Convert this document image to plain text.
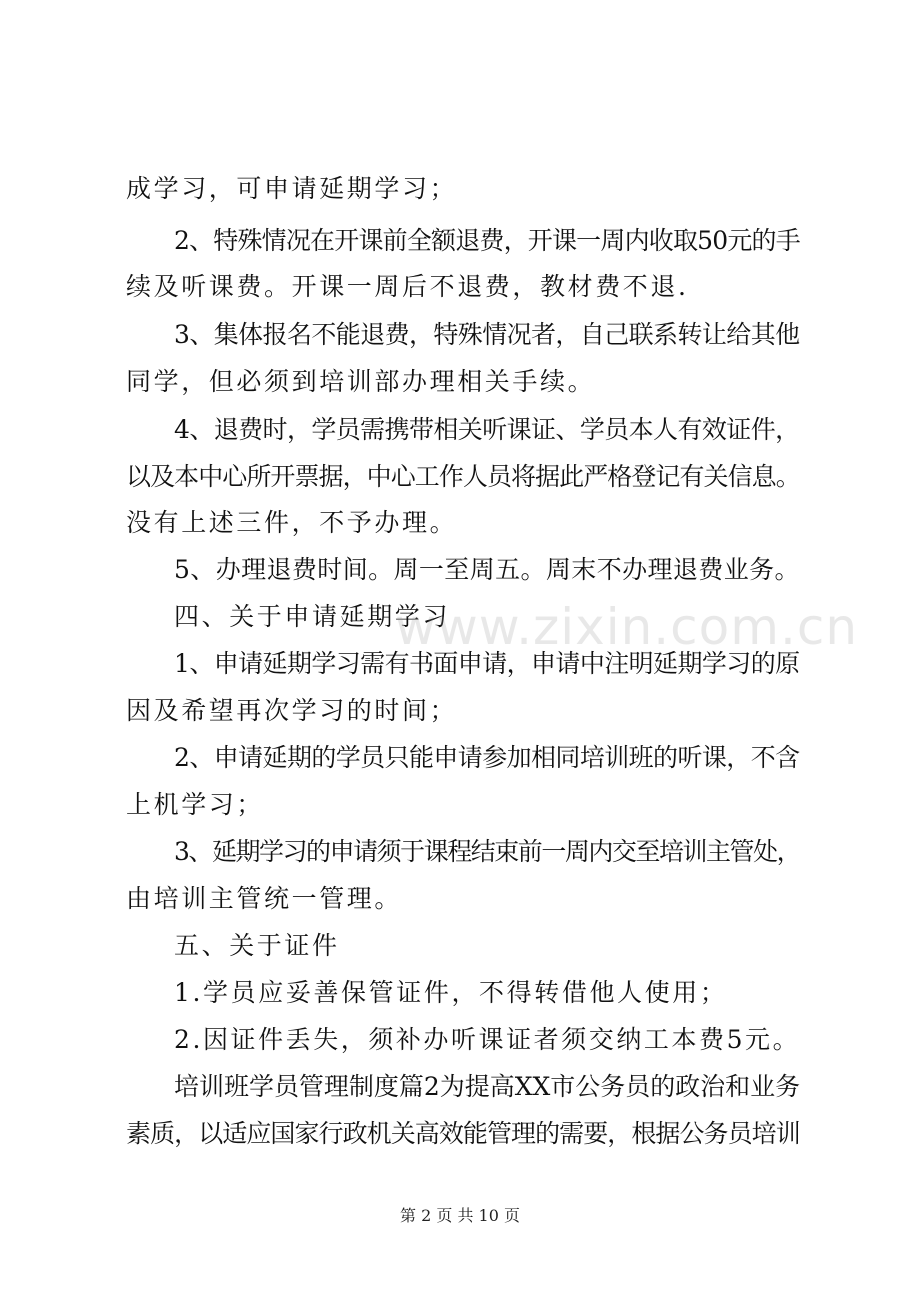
成学习，可申请延期学习；
2、特殊情况在开课前全额退费，开课一周内收取50元的手
续及听课费。开课一周后不退费，教材费不退.
3、集体报名不能退费，特殊情况者，自己联系转让给其他
同学，但必须到培训部办理相关手续。
4、退费时，学员需携带相关听课证、学员本人有效证件，
以及本中心所开票据，中心工作人员将据此严格登记有关信息。
没有上述三件，不予办理。
5、办理退费时间。周一至周五。周末不办理退费业务。
四、关于申请延期学习
1、申请延期学习需有书面申请，申请中注明延期学习的原
因及希望再次学习的时间；
2、申请延期的学员只能申请参加相同培训班的听课，不含
上机学习；
3、延期学习的申请须于课程结束前一周内交至培训主管处，
由培训主管统一管理。
五、关于证件
1.学员应妥善保管证件，不得转借他人使用；
2.因证件丢失，须补办听课证者须交纳工本费5元。
培训班学员管理制度篇2为提高XX市公务员的政治和业务
素质，以适应国家行政机关高效能管理的需要，根据公务员培训
www.zixin.com.cn
第 2 页 共 10 页
